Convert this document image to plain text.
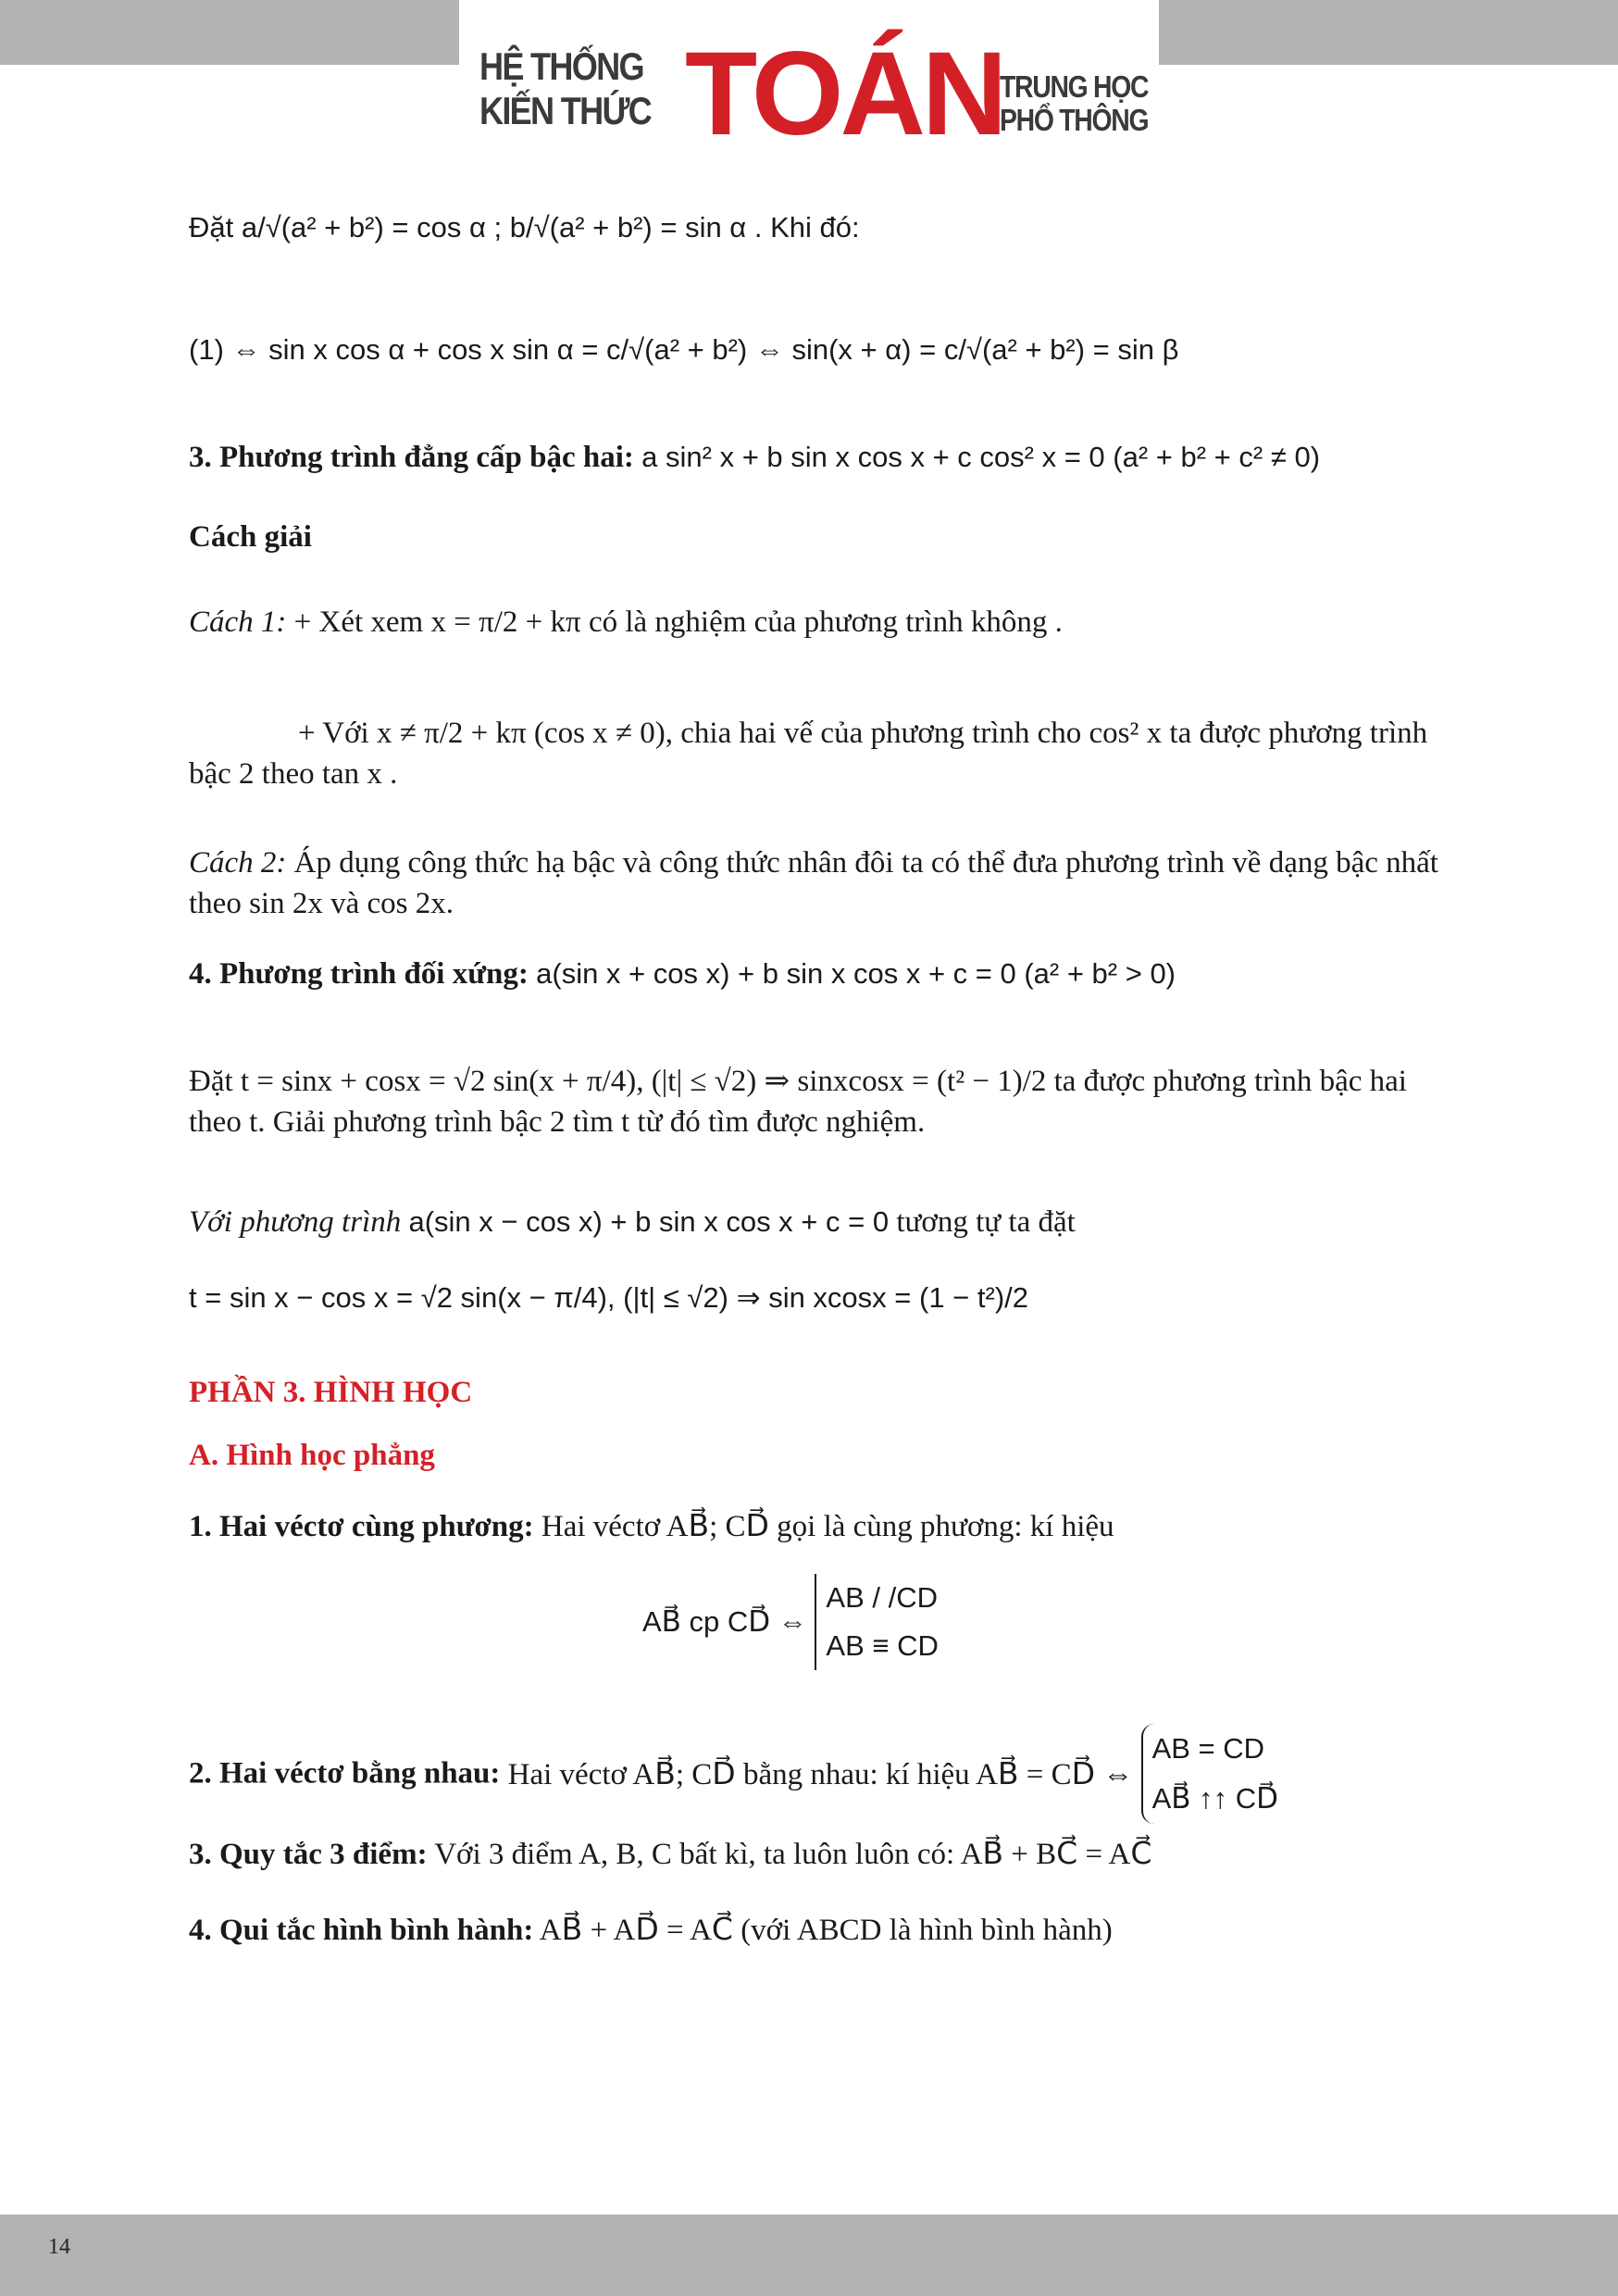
HỆ THỐNG
KIẾN THỨC TOÁN
TRUNG HỌC
PHỔ THÔNG
Đặt a/√(a² + b²) = cos α ; b/√(a² + b²) = sin α . Khi đó:
(1) ⇔ sin x cos α + cos x sin α = c/√(a² + b²) ⇔ sin(x + α) = c/√(a² + b²) = sin β
3. Phương trình đẳng cấp bậc hai: a sin² x + b sin x cos x + c cos² x = 0 (a² + b² + c² ≠ 0)
Cách giải
Cách 1: + Xét xem x = π/2 + kπ có là nghiệm của phương trình không .
+ Với x ≠ π/2 + kπ (cos x ≠ 0), chia hai vế của phương trình cho cos² x ta được phương trình bậc 2 theo tan x .
Cách 2: Áp dụng công thức hạ bậc và công thức nhân đôi ta có thể đưa phương trình về dạng bậc nhất theo sin 2x và cos 2x.
4. Phương trình đối xứng: a(sin x + cos x) + b sin x cos x + c = 0 (a² + b² > 0)
Đặt t = sinx + cosx = √2 sin(x + π/4), (|t| ≤ √2) ⇒ sinxcosx = (t² − 1)/2 ta được phương trình bậc hai theo t. Giải phương trình bậc 2 tìm t từ đó tìm được nghiệm.
Với phương trình a(sin x − cos x) + b sin x cos x + c = 0 tương tự ta đặt
t = sin x − cos x = √2 sin(x − π/4), (|t| ≤ √2) ⇒ sin xcosx = (1 − t²)/2
PHẦN 3. HÌNH HỌC
A. Hình học phẳng
1. Hai véctơ cùng phương: Hai véctơ AB⃗; CD⃗ gọi là cùng phương: kí hiệu
AB⃗ cp CD⃗ ⇔
AB / /CD
AB ≡ CD
2. Hai véctơ bằng nhau: Hai véctơ AB⃗; CD⃗ bằng nhau: kí hiệu AB⃗ = CD⃗ ⇔
AB = CD
AB⃗ ↑↑ CD⃗
3. Quy tắc 3 điểm: Với 3 điểm A, B, C bất kì, ta luôn luôn có: AB⃗ + BC⃗ = AC⃗
4. Qui tắc hình bình hành: AB⃗ + AD⃗ = AC⃗ (với ABCD là hình bình hành)
14
